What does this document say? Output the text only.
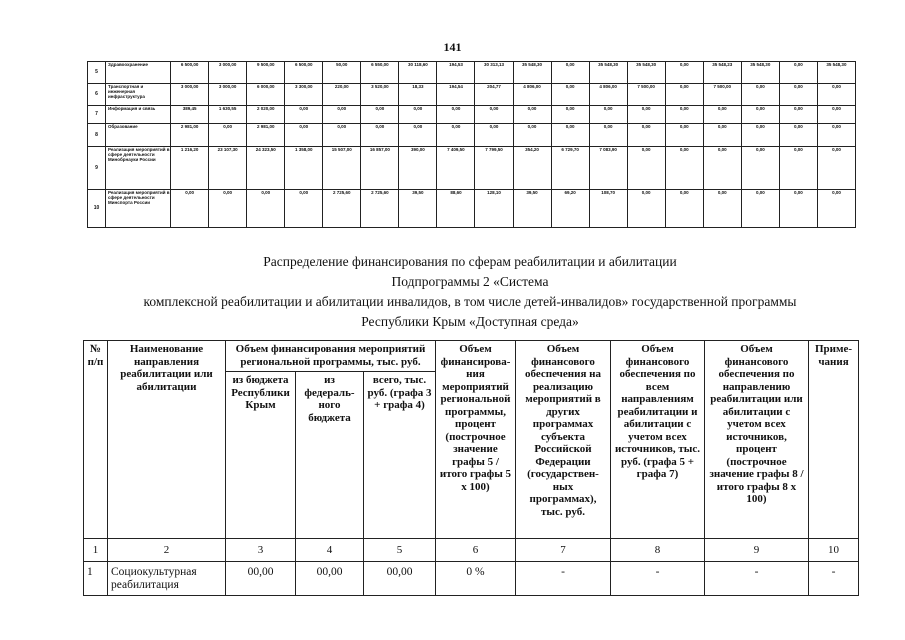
141
5	Здравоохранение	6 500,00	3 000,00	9 500,00	6 500,00	50,00	6 550,00	30 118,60	194,53	30 313,13	35 548,30	0,00	35 548,30	35 548,30	0,00	35 548,23	35 548,30	0,00	35 548,30
6	Транспортная и инженерная инфраструктура	3 000,00	3 000,00	6 000,00	3 300,00	220,00	3 520,00	18,33	194,54	204,77	4 806,00	0,00	4 806,00	7 500,00	0,00	7 500,00	0,00	0,00	0,00
7	Информация и связь	389,45	1 630,55	2 020,00	0,00	0,00	0,00	0,00	0,00	0,00	0,00	0,00	0,00	0,00	0,00	0,00	0,00	0,00	0,00
8	Образование	2 981,00	0,00	2 981,00	0,00	0,00	0,00	0,00	0,00	0,00	0,00	0,00	0,00	0,00	0,00	0,00	0,00	0,00	0,00
9	Реализация мероприятий в сфере деятельности Минобрнауки России	1 216,20	23 107,30	24 323,50	1 358,00	15 507,00	16 857,00	390,00	7 409,50	7 799,50	354,20	6 729,70	7 083,90	0,00	0,00	0,00	0,00	0,00	0,00
10	Реализация мероприятий в сфере деятельности Минспорта России	0,00	0,00	0,00	0,00	2 725,60	2 725,60	39,50	88,60	128,10	39,50	69,20	108,70	0,00	0,00	0,00	0,00	0,00	0,00
Распределение финансирования по сферам реабилитации и абилитации
Подпрограммы 2 «Система
комплексной реабилитации и абилитации инвалидов, в том числе детей-инвалидов» государственной программы
Республики Крым «Доступная среда»
№ п/п	Наименование направления реабилитации или абилитации	Объем финансирования мероприятий региональной программы, тыс. руб.			Объем финансирова-ния мероприятий региональной программы, процент (построчное значение графы 5 / итого графы 5 x 100)	Объем финансового обеспечения на реализацию мероприятий в других программах субъекта Российской Федерации (государствен-ных программах), тыс. руб.	Объем финансового обеспечения по всем направлениям реабилитации и абилитации с учетом всех источников, тыс. руб. (графа 5 + графа 7)	Объем финансового обеспечения по направлению реабилитации или абилитации с учетом всех источников, процент (построчное значение графы 8 / итого графы 8 x 100)	Приме-чания
		из бюджета Республики Крым	из федераль-ного бюджета	всего, тыс. руб. (графа 3 + графа 4)					
1	2	3	4	5	6	7	8	9	10
1	Социокультурная реабилитация	00,00	00,00	00,00	0 %	-	-	-	-
